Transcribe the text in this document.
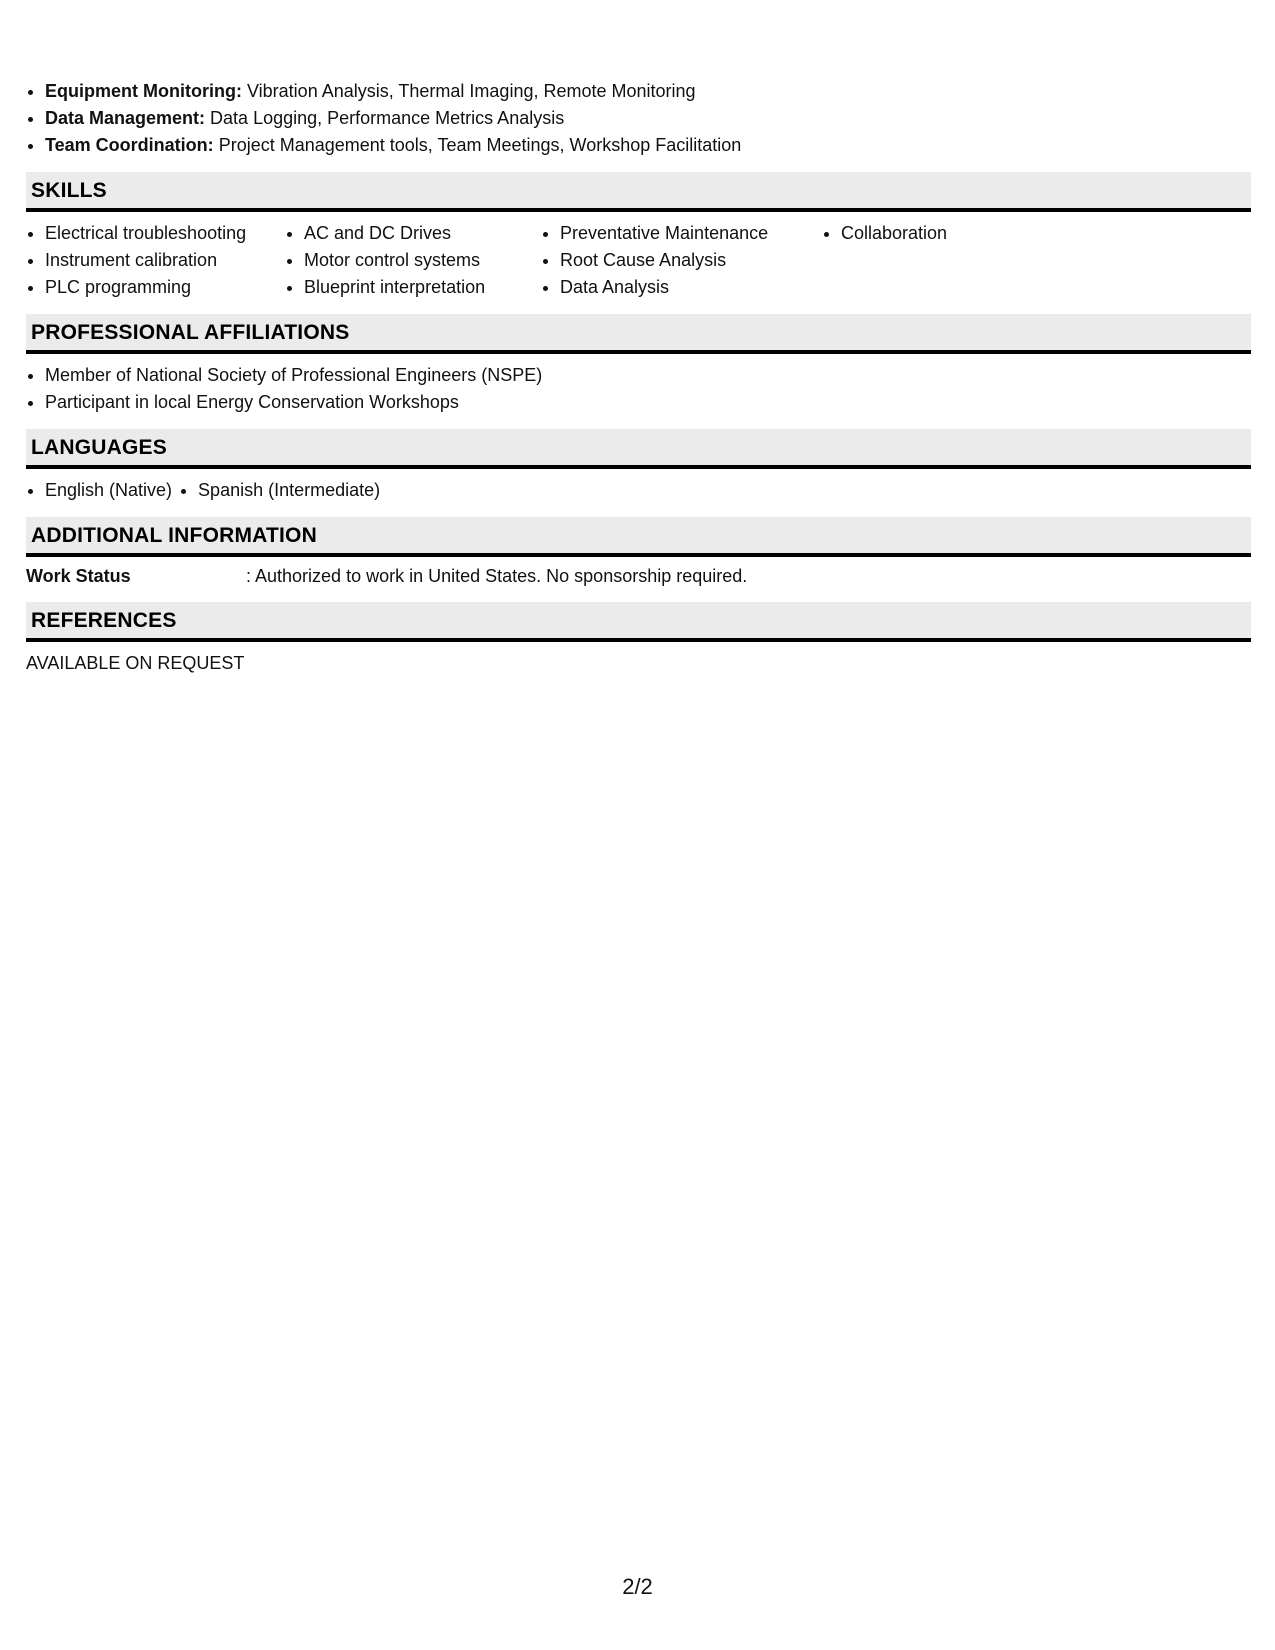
• Equipment Monitoring: Vibration Analysis, Thermal Imaging, Remote Monitoring
• Data Management: Data Logging, Performance Metrics Analysis
• Team Coordination: Project Management tools, Team Meetings, Workshop Facilitation
SKILLS
• Electrical troubleshooting
• Instrument calibration
• PLC programming
• AC and DC Drives
• Motor control systems
• Blueprint interpretation
• Preventative Maintenance
• Root Cause Analysis
• Data Analysis
• Collaboration
PROFESSIONAL AFFILIATIONS
• Member of National Society of Professional Engineers (NSPE)
• Participant in local Energy Conservation Workshops
LANGUAGES
• English (Native)
• Spanish (Intermediate)
ADDITIONAL INFORMATION
Work Status	: Authorized to work in United States. No sponsorship required.
REFERENCES
AVAILABLE ON REQUEST
2/2
